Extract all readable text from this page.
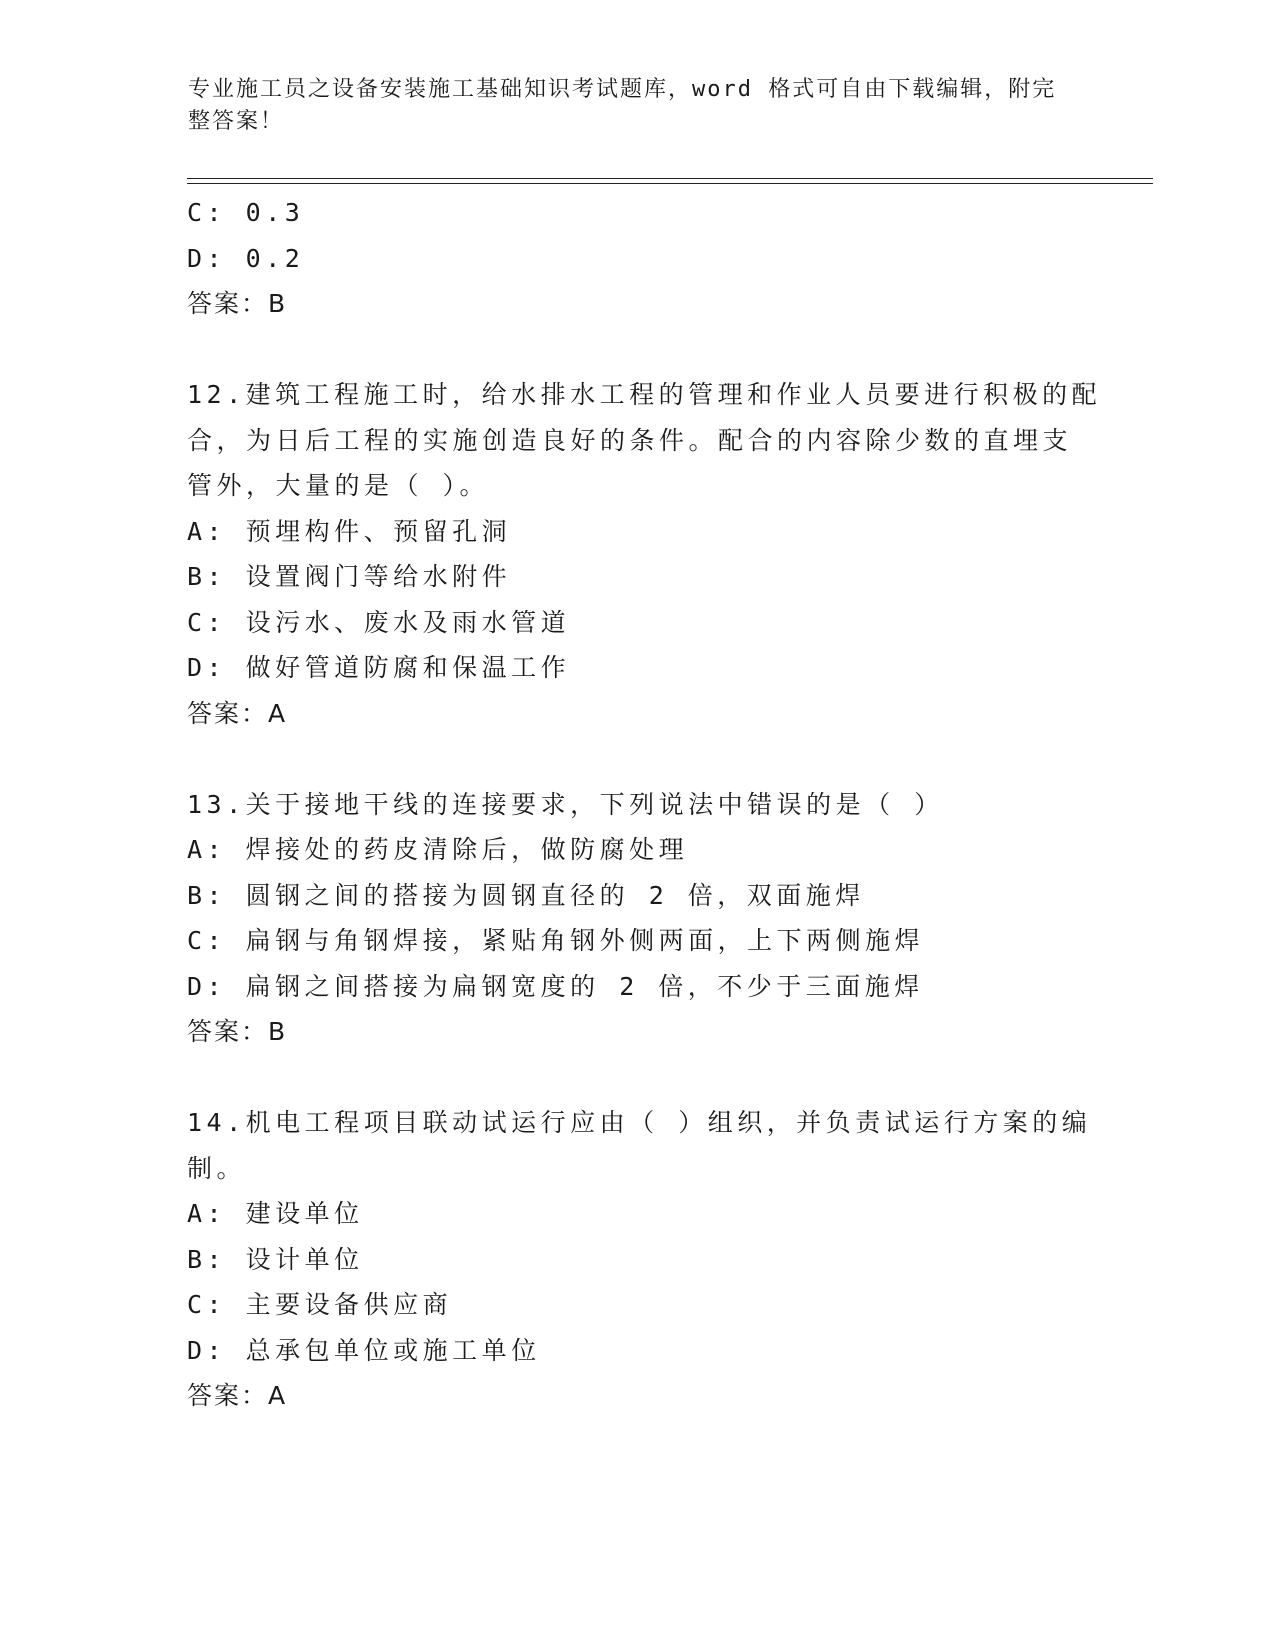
专业施工员之设备安装施工基础知识考试题库，word 格式可自由下载编辑，附完
整答案！
C: 0.3
D: 0.2
答案：B
12.建筑工程施工时，给水排水工程的管理和作业人员要进行积极的配
合，为日后工程的实施创造良好的条件。配合的内容除少数的直埋支
管外，大量的是（ ）。
A: 预埋构件、预留孔洞
B: 设置阀门等给水附件
C: 设污水、废水及雨水管道
D: 做好管道防腐和保温工作
答案：A
13.关于接地干线的连接要求，下列说法中错误的是（ ）
A: 焊接处的药皮清除后，做防腐处理
B: 圆钢之间的搭接为圆钢直径的 2 倍，双面施焊
C: 扁钢与角钢焊接，紧贴角钢外侧两面，上下两侧施焊
D: 扁钢之间搭接为扁钢宽度的 2 倍，不少于三面施焊
答案：B
14.机电工程项目联动试运行应由（ ）组织，并负责试运行方案的编
制。
A: 建设单位
B: 设计单位
C: 主要设备供应商
D: 总承包单位或施工单位
答案：A
